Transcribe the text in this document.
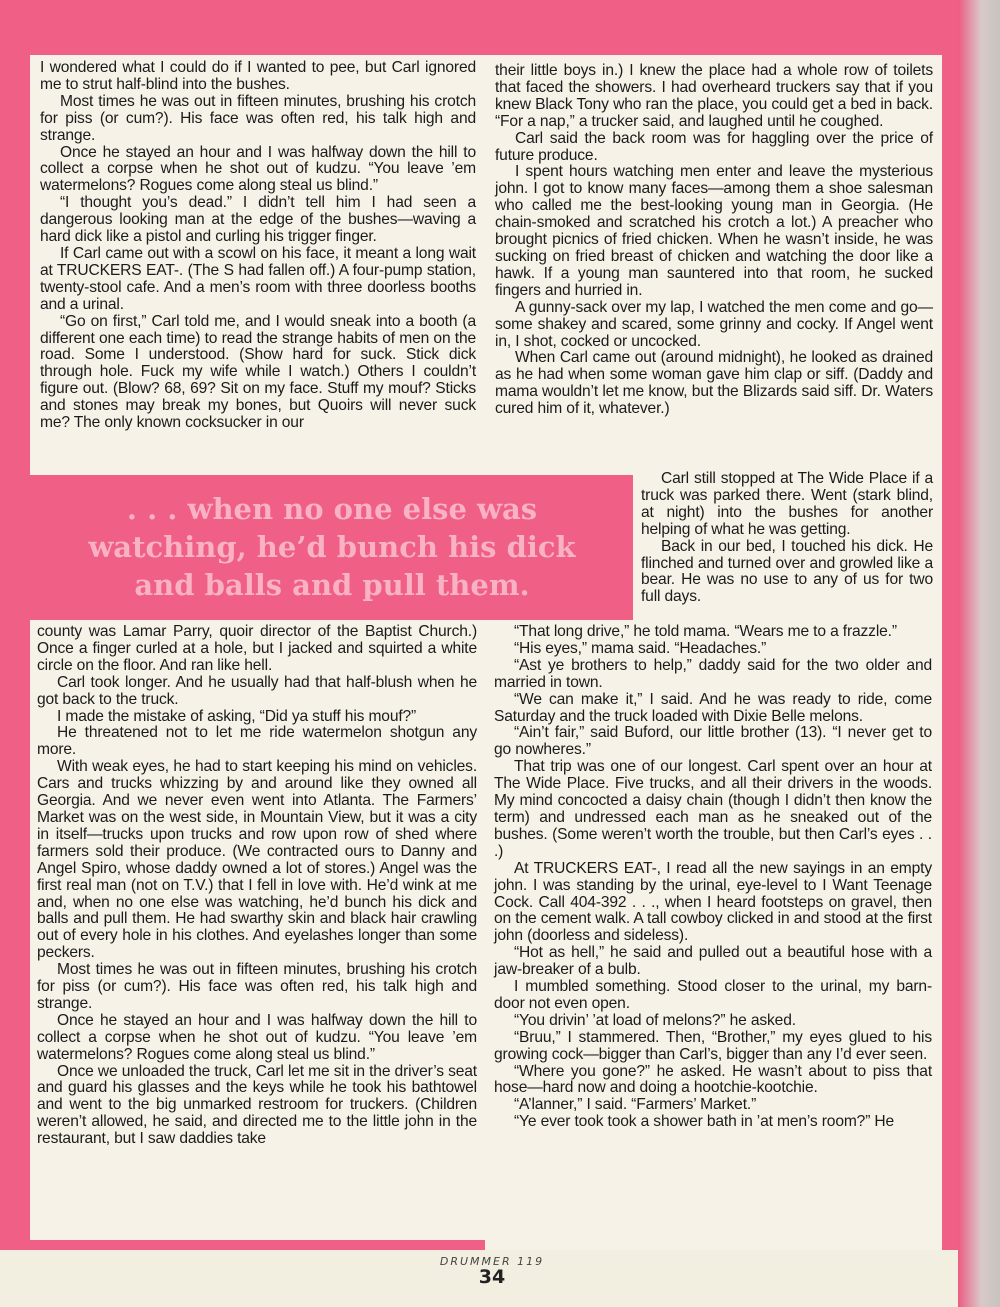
. . . when no one else was watching, he’d bunch his dick and balls and pull them.

I wondered what I could do if I wanted to pee, but Carl ignored me to strut half-blind into the bushes.

Most times he was out in fifteen minutes, brushing his crotch for piss (or cum?). His face was often red, his talk high and strange.

Once he stayed an hour and I was halfway down the hill to collect a corpse when he shot out of kudzu. “You leave ’em watermelons? Rogues come along steal us blind.”

“I thought you’s dead.” I didn’t tell him I had seen a dangerous looking man at the edge of the bushes—waving a hard dick like a pistol and curling his trigger finger.

If Carl came out with a scowl on his face, it meant a long wait at TRUCKERS EAT-. (The S had fallen off.) A four-pump station, twenty-stool cafe. And a men’s room with three doorless booths and a urinal.

“Go on first,” Carl told me, and I would sneak into a booth (a different one each time) to read the strange habits of men on the road. Some I understood. (Show hard for suck. Stick dick through hole. Fuck my wife while I watch.) Others I couldn’t figure out. (Blow? 68, 69? Sit on my face. Stuff my mouf? Sticks and stones may break my bones, but Quoirs will never suck me? The only known cocksucker in our

their little boys in.) I knew the place had a whole row of toilets that faced the showers. I had overheard truckers say that if you knew Black Tony who ran the place, you could get a bed in back. “For a nap,” a trucker said, and laughed until he coughed.

Carl said the back room was for haggling over the price of future produce.

I spent hours watching men enter and leave the mysterious john. I got to know many faces—among them a shoe salesman who called me the best-looking young man in Georgia. (He chain-smoked and scratched his crotch a lot.) A preacher who brought picnics of fried chicken. When he wasn’t inside, he was sucking on fried breast of chicken and watching the door like a hawk. If a young man sauntered into that room, he sucked fingers and hurried in.

A gunny-sack over my lap, I watched the men come and go—some shakey and scared, some grinny and cocky. If Angel went in, I shot, cocked or uncocked.

When Carl came out (around midnight), he looked as drained as he had when some woman gave him clap or siff. (Daddy and mama wouldn’t let me know, but the Blizards said siff. Dr. Waters cured him of it, whatever.)

Carl still stopped at The Wide Place if a truck was parked there. Went (stark blind, at night) into the bushes for another helping of what he was getting.

Back in our bed, I touched his dick. He flinched and turned over and growled like a bear. He was no use to any of us for two full days.

county was Lamar Parry, quoir director of the Baptist Church.) Once a finger curled at a hole, but I jacked and squirted a white circle on the floor. And ran like hell.

Carl took longer. And he usually had that half-blush when he got back to the truck.

I made the mistake of asking, “Did ya stuff his mouf?”

He threatened not to let me ride watermelon shotgun any more.

With weak eyes, he had to start keeping his mind on vehicles. Cars and trucks whizzing by and around like they owned all Georgia. And we never even went into Atlanta. The Farmers’ Market was on the west side, in Mountain View, but it was a city in itself—trucks upon trucks and row upon row of shed where farmers sold their produce. (We contracted ours to Danny and Angel Spiro, whose daddy owned a lot of stores.) Angel was the first real man (not on T.V.) that I fell in love with. He’d wink at me and, when no one else was watching, he’d bunch his dick and balls and pull them. He had swarthy skin and black hair crawling out of every hole in his clothes. And eyelashes longer than some peckers.

Most times he was out in fifteen minutes, brushing his crotch for piss (or cum?). His face was often red, his talk high and strange.

Once he stayed an hour and I was halfway down the hill to collect a corpse when he shot out of kudzu. “You leave ’em watermelons? Rogues come along steal us blind.”

Once we unloaded the truck, Carl let me sit in the driver’s seat and guard his glasses and the keys while he took his bathtowel and went to the big unmarked restroom for truckers. (Children weren’t allowed, he said, and directed me to the little john in the restaurant, but I saw daddies take

“That long drive,” he told mama. “Wears me to a frazzle.”

“His eyes,” mama said. “Headaches.”

“Ast ye brothers to help,” daddy said for the two older and married in town.

“We can make it,” I said. And he was ready to ride, come Saturday and the truck loaded with Dixie Belle melons.

“Ain’t fair,” said Buford, our little brother (13). “I never get to go nowheres.”

That trip was one of our longest. Carl spent over an hour at The Wide Place. Five trucks, and all their drivers in the woods. My mind concocted a daisy chain (though I didn’t then know the term) and undressed each man as he sneaked out of the bushes. (Some weren’t worth the trouble, but then Carl’s eyes . . .)

At TRUCKERS EAT-, I read all the new sayings in an empty john. I was standing by the urinal, eye-level to I Want Teenage Cock. Call 404-392 . . ., when I heard footsteps on gravel, then on the cement walk. A tall cowboy clicked in and stood at the first john (doorless and sideless).

“Hot as hell,” he said and pulled out a beautiful hose with a jaw-breaker of a bulb.

I mumbled something. Stood closer to the urinal, my barn-door not even open.

“You drivin’ ’at load of melons?” he asked.

“Bruu,” I stammered. Then, “Brother,” my eyes glued to his growing cock—bigger than Carl’s, bigger than any I’d ever seen.

“Where you gone?” he asked. He wasn’t about to piss that hose—hard now and doing a hootchie-kootchie.

“A’lanner,” I said. “Farmers’ Market.”

“Ye ever took took a shower bath in ’at men’s room?” He

DRUMMER 119
34
